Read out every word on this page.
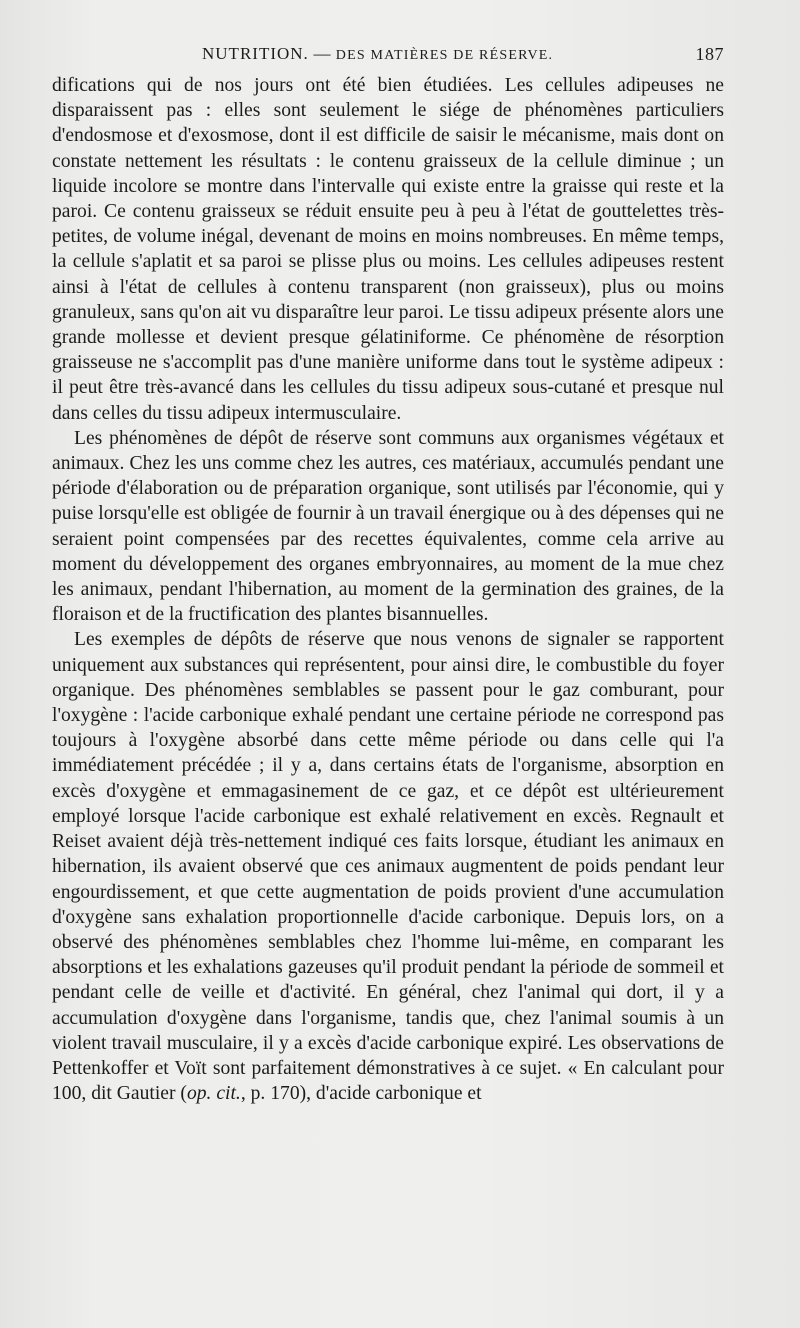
NUTRITION. — DES MATIÈRES DE RÉSERVE.	187

difications qui de nos jours ont été bien étudiées. Les cellules adipeuses ne disparaissent pas : elles sont seulement le siége de phénomènes particuliers d'endosmose et d'exosmose, dont il est difficile de saisir le mécanisme, mais dont on constate nettement les résultats : le contenu graisseux de la cellule diminue ; un liquide incolore se montre dans l'intervalle qui existe entre la graisse qui reste et la paroi. Ce contenu graisseux se réduit ensuite peu à peu à l'état de gouttelettes très-petites, de volume inégal, devenant de moins en moins nombreuses. En même temps, la cellule s'aplatit et sa paroi se plisse plus ou moins. Les cellules adipeuses restent ainsi à l'état de cellules à contenu transparent (non graisseux), plus ou moins granuleux, sans qu'on ait vu disparaître leur paroi. Le tissu adipeux présente alors une grande mollesse et devient presque gélatiniforme. Ce phénomène de résorption graisseuse ne s'accomplit pas d'une manière uniforme dans tout le système adipeux : il peut être très-avancé dans les cellules du tissu adipeux sous-cutané et presque nul dans celles du tissu adipeux intermusculaire.

Les phénomènes de dépôt de réserve sont communs aux organismes végétaux et animaux. Chez les uns comme chez les autres, ces matériaux, accumulés pendant une période d'élaboration ou de préparation organique, sont utilisés par l'économie, qui y puise lorsqu'elle est obligée de fournir à un travail énergique ou à des dépenses qui ne seraient point compensées par des recettes équivalentes, comme cela arrive au moment du développement des organes embryonnaires, au moment de la mue chez les animaux, pendant l'hibernation, au moment de la germination des graines, de la floraison et de la fructification des plantes bisannuelles.

Les exemples de dépôts de réserve que nous venons de signaler se rapportent uniquement aux substances qui représentent, pour ainsi dire, le combustible du foyer organique. Des phénomènes semblables se passent pour le gaz comburant, pour l'oxygène : l'acide carbonique exhalé pendant une certaine période ne correspond pas toujours à l'oxygène absorbé dans cette même période ou dans celle qui l'a immédiatement précédée ; il y a, dans certains états de l'organisme, absorption en excès d'oxygène et emmagasinement de ce gaz, et ce dépôt est ultérieurement employé lorsque l'acide carbonique est exhalé relativement en excès. Regnault et Reiset avaient déjà très-nettement indiqué ces faits lorsque, étudiant les animaux en hibernation, ils avaient observé que ces animaux augmentent de poids pendant leur engourdissement, et que cette augmentation de poids provient d'une accumulation d'oxygène sans exhalation proportionnelle d'acide carbonique. Depuis lors, on a observé des phénomènes semblables chez l'homme lui-même, en comparant les absorptions et les exhalations gazeuses qu'il produit pendant la période de sommeil et pendant celle de veille et d'activité. En général, chez l'animal qui dort, il y a accumulation d'oxygène dans l'organisme, tandis que, chez l'animal soumis à un violent travail musculaire, il y a excès d'acide carbonique expiré. Les observations de Pettenkoffer et Voït sont parfaitement démonstratives à ce sujet. « En calculant pour 100, dit Gautier (op. cit., p. 170), d'acide carbonique et
